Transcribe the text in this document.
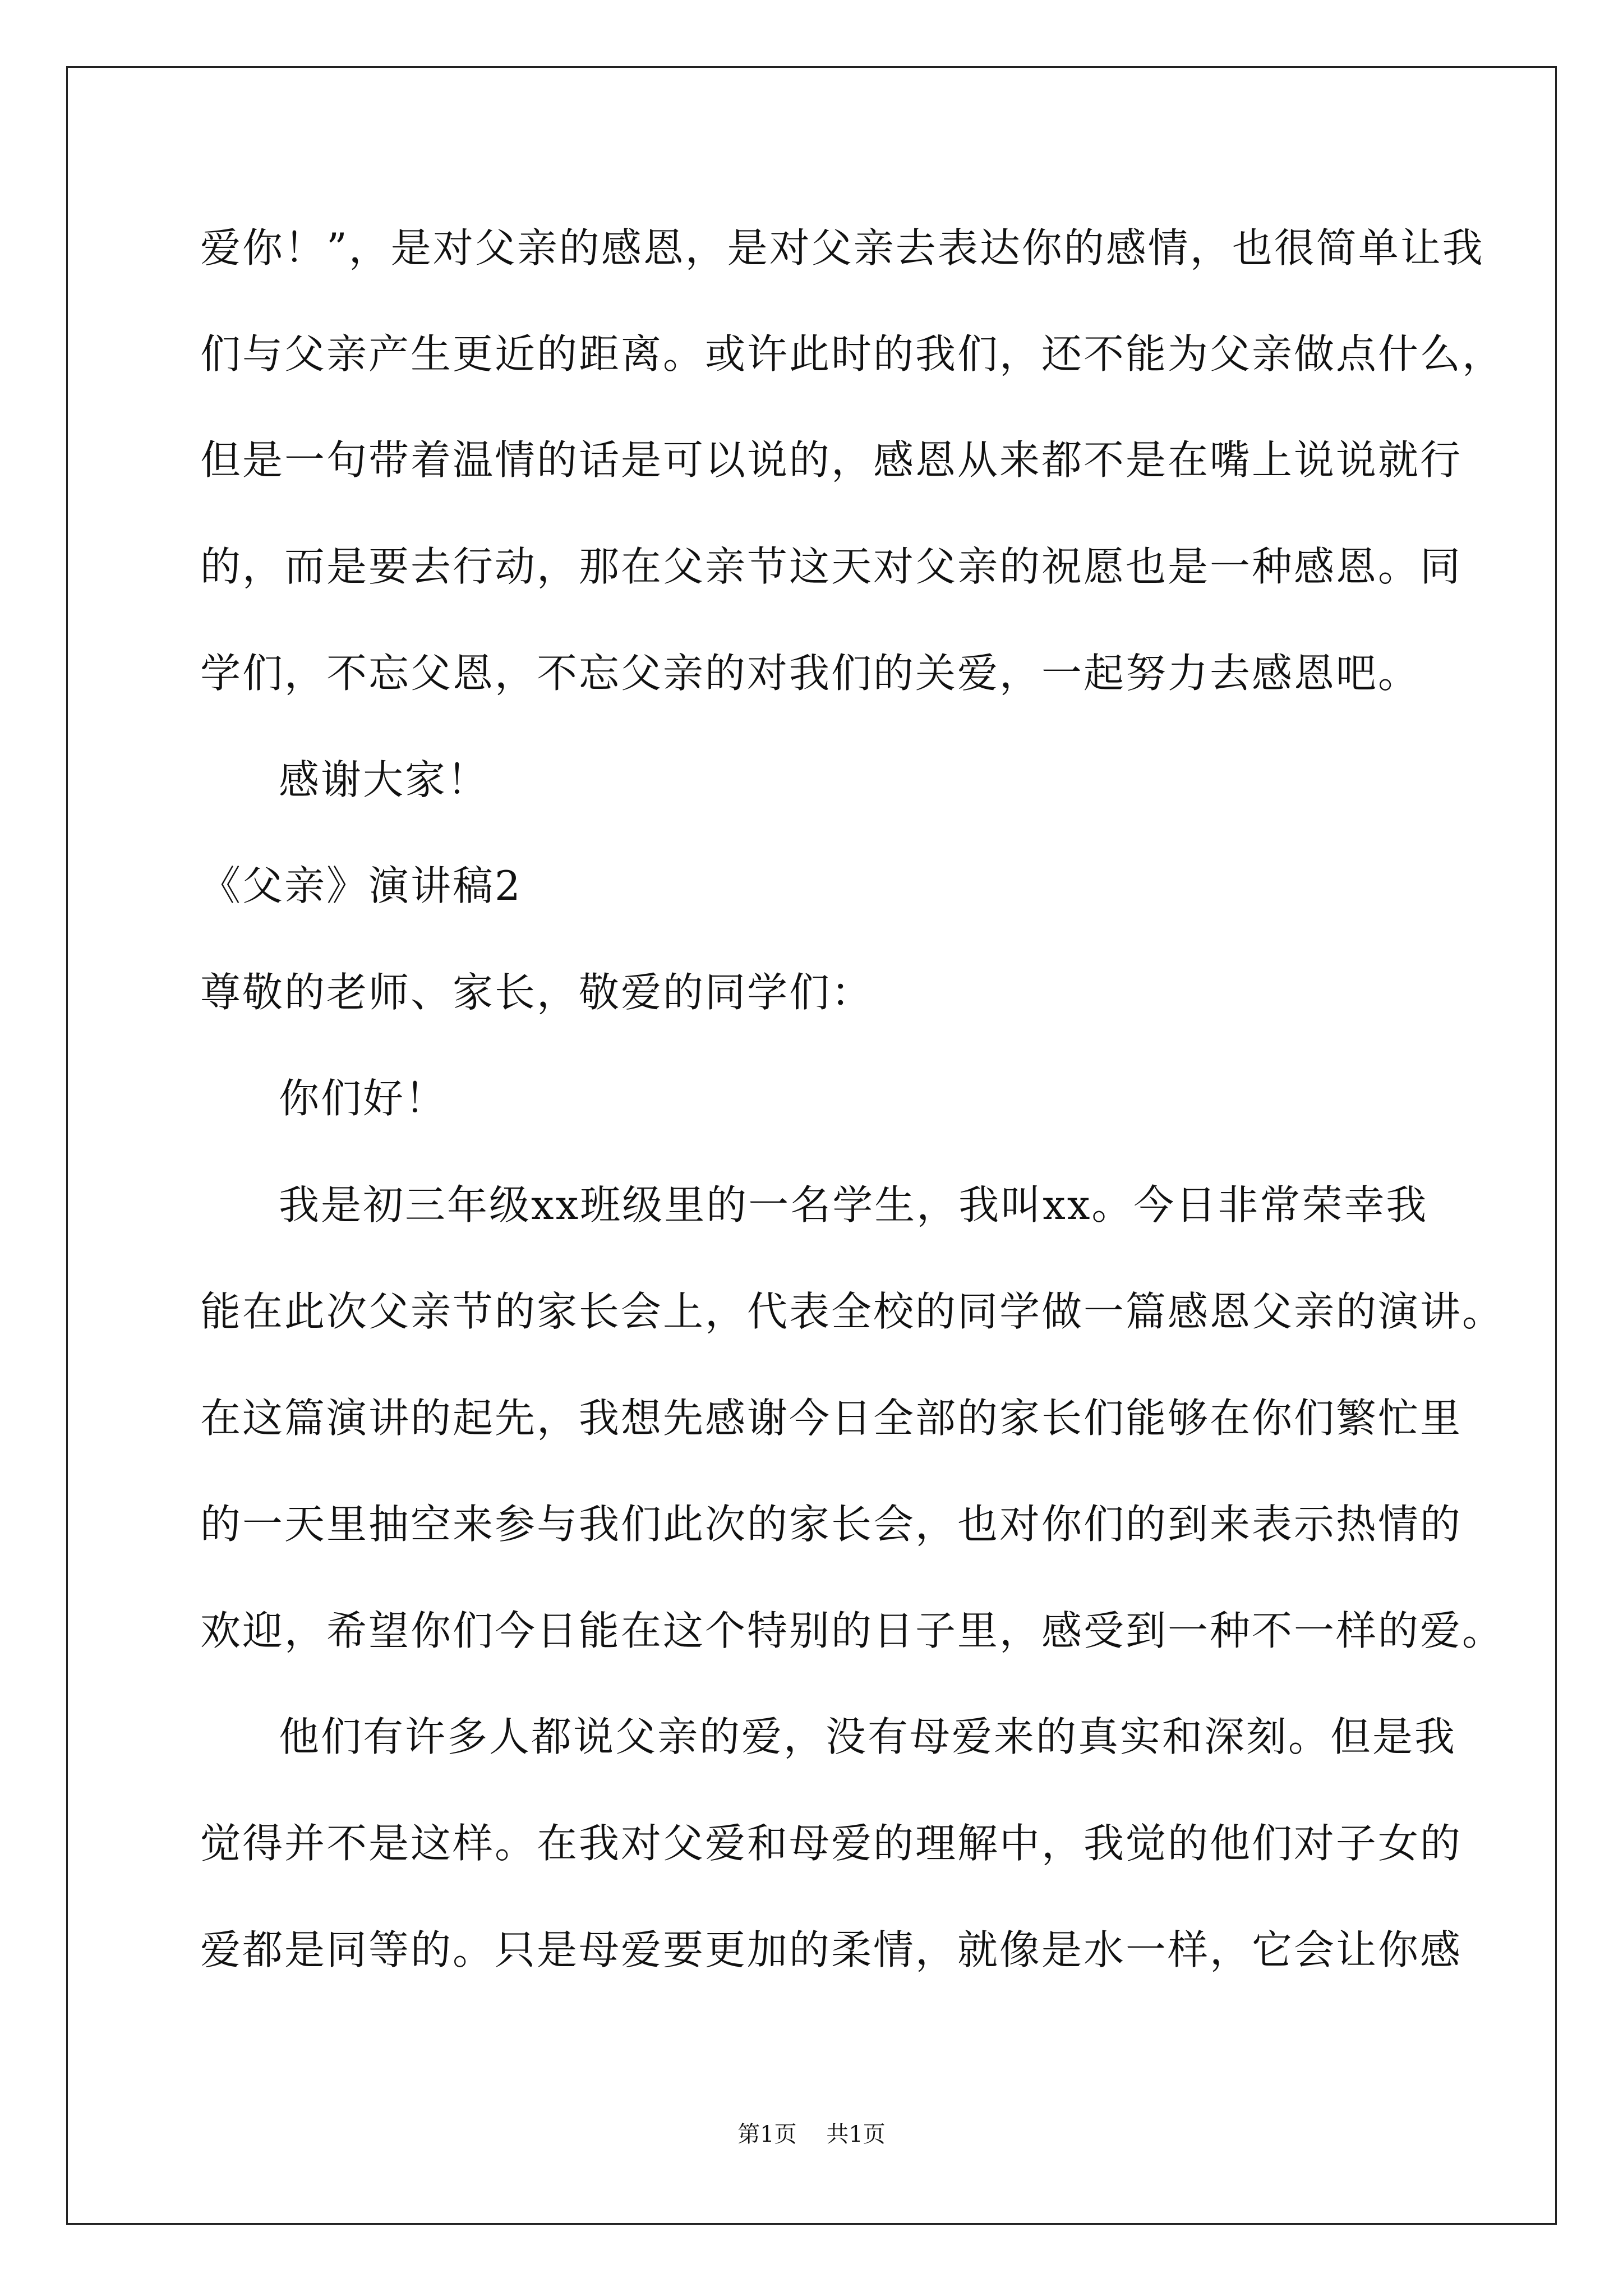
爱你！”，是对父亲的感恩，是对父亲去表达你的感情，也很简单让我
们与父亲产生更近的距离。或许此时的我们，还不能为父亲做点什么，
但是一句带着温情的话是可以说的，感恩从来都不是在嘴上说说就行
的，而是要去行动，那在父亲节这天对父亲的祝愿也是一种感恩。同
学们，不忘父恩，不忘父亲的对我们的关爱，一起努力去感恩吧。
感谢大家！
《父亲》演讲稿2
尊敬的老师、家长，敬爱的同学们：
你们好！
我是初三年级xx班级里的一名学生，我叫xx。今日非常荣幸我
能在此次父亲节的家长会上，代表全校的同学做一篇感恩父亲的演讲。
在这篇演讲的起先，我想先感谢今日全部的家长们能够在你们繁忙里
的一天里抽空来参与我们此次的家长会，也对你们的到来表示热情的
欢迎，希望你们今日能在这个特别的日子里，感受到一种不一样的爱。
他们有许多人都说父亲的爱，没有母爱来的真实和深刻。但是我
觉得并不是这样。在我对父爱和母爱的理解中，我觉的他们对子女的
爱都是同等的。只是母爱要更加的柔情，就像是水一样，它会让你感
第1页 共1页
